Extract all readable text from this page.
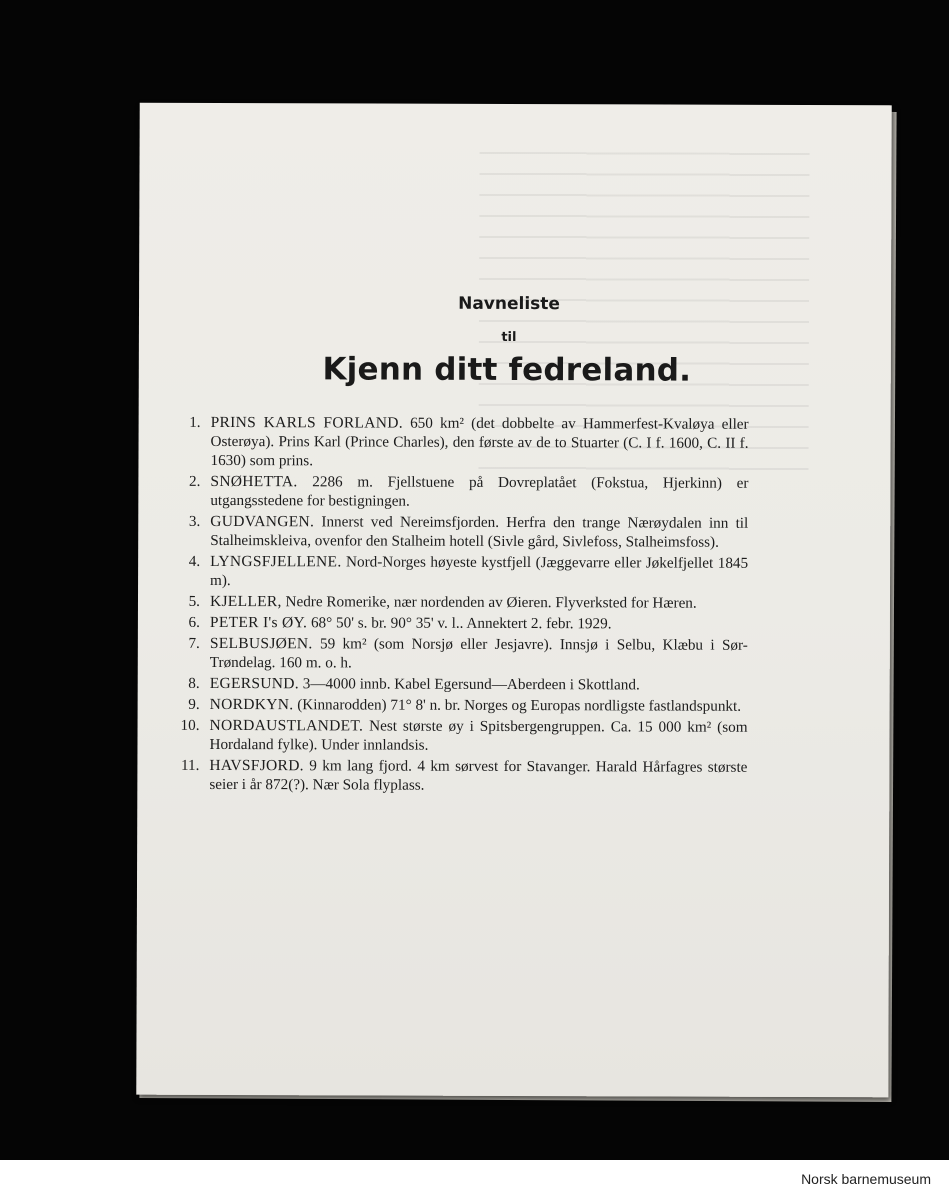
Navneliste
til
Kjenn ditt fedreland.
1. PRINS KARLS FORLAND. 650 km² (det dobbelte av Hammerfest-Kvaløya eller Osterøya). Prins Karl (Prince Charles), den første av de to Stuarter (C. I f. 1600, C. II f. 1630) som prins.
2. SNØHETTA. 2286 m. Fjellstuene på Dovreplatået (Fokstua, Hjerkinn) er utgangsstedene for bestigningen.
3. GUDVANGEN. Innerst ved Nereimsfjorden. Herfra den trange Nærøydalen inn til Stalheimskleiva, ovenfor den Stalheim hotell (Sivle gård, Sivlefoss, Stalheimsfoss).
4. LYNGSFJELLENE. Nord-Norges høyeste kystfjell (Jæggevarre eller Jøkelfjellet 1845 m).
5. KJELLER, Nedre Romerike, nær nordenden av Øieren. Flyverksted for Hæren.
6. PETER I's ØY. 68° 50' s. br. 90° 35' v. l.. Annektert 2. febr. 1929.
7. SELBUSJØEN. 59 km² (som Norsjø eller Jesjavre). Innsjø i Selbu, Klæbu i Sør-Trøndelag. 160 m. o. h.
8. EGERSUND. 3—4000 innb. Kabel Egersund—Aberdeen i Skottland.
9. NORDKYN. (Kinnarodden) 71° 8' n. br. Norges og Europas nordligste fastlandspunkt.
10. NORDAUSTLANDET. Nest største øy i Spitsbergengruppen. Ca. 15 000 km² (som Hordaland fylke). Under innlandsis.
11. HAVSFJORD. 9 km lang fjord. 4 km sørvest for Stavanger. Harald Hårfagres største seier i år 872(?). Nær Sola flyplass.
Norsk barnemuseum
